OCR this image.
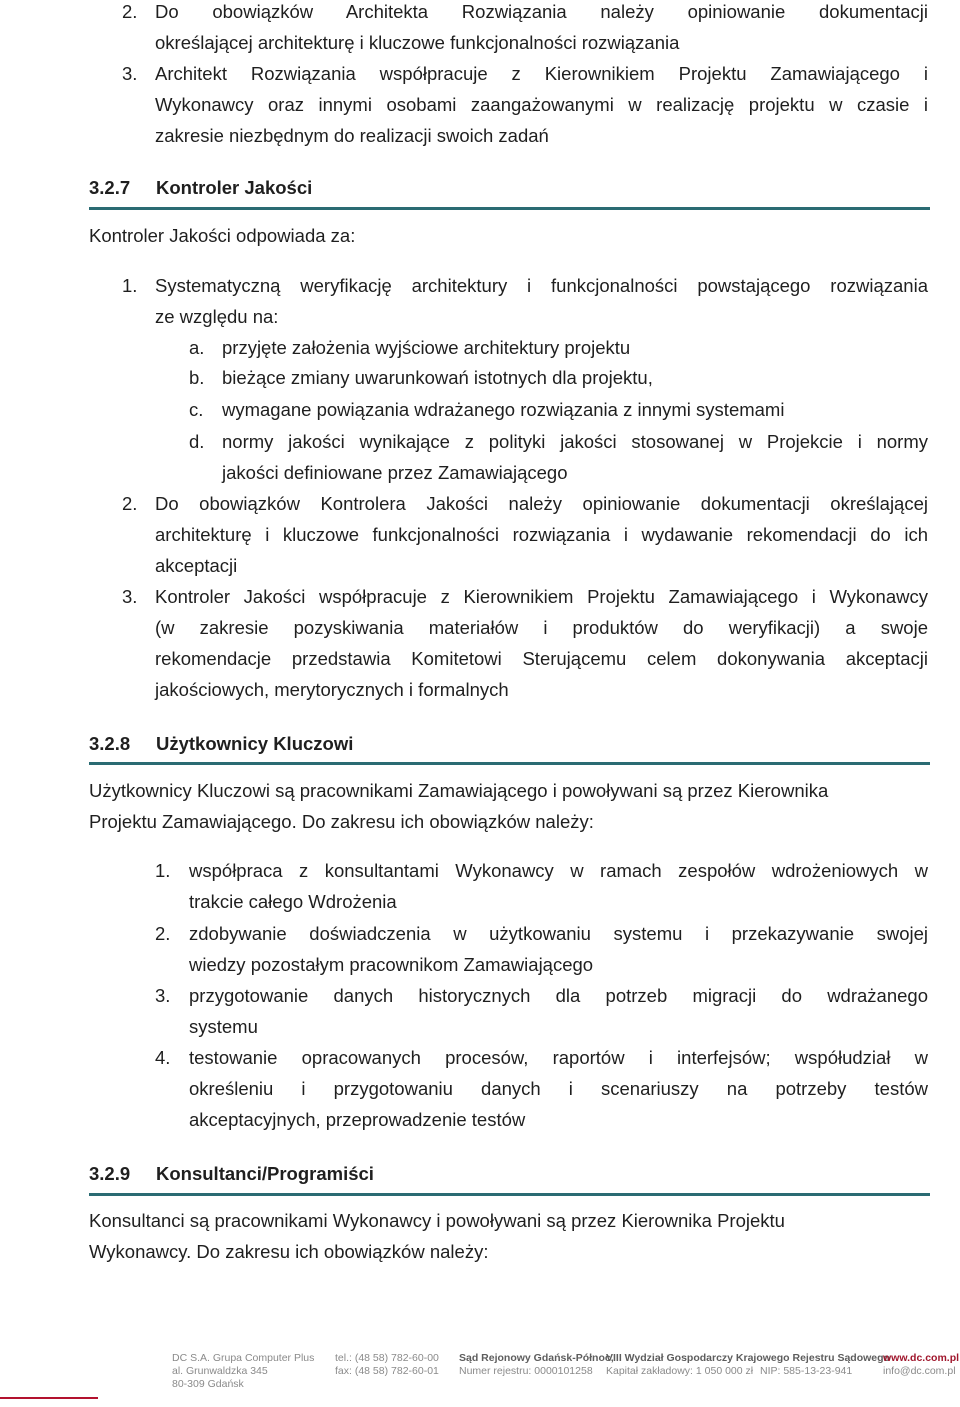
2. Do obowiązków Architekta Rozwiązania należy opiniowanie dokumentacji
określającej architekturę i kluczowe funkcjonalności rozwiązania
3. Architekt Rozwiązania współpracuje z Kierownikiem Projektu Zamawiającego i
Wykonawcy oraz innymi osobami zaangażowanymi w realizację projektu w czasie i
zakresie niezbędnym do realizacji swoich zadań
3.2.7 Kontroler Jakości
Kontroler Jakości odpowiada za:
1. Systematyczną weryfikację architektury i funkcjonalności powstającego rozwiązania
ze względu na:
a. przyjęte założenia wyjściowe architektury projektu
b. bieżące zmiany uwarunkowań istotnych dla projektu,
c. wymagane powiązania wdrażanego rozwiązania z innymi systemami
d. normy jakości wynikające z polityki jakości stosowanej w Projekcie i normy
jakości definiowane przez Zamawiającego
2. Do obowiązków Kontrolera Jakości należy opiniowanie dokumentacji określającej
architekturę i kluczowe funkcjonalności rozwiązania i wydawanie rekomendacji do ich
akceptacji
3. Kontroler Jakości współpracuje z Kierownikiem Projektu Zamawiającego i Wykonawcy
(w zakresie pozyskiwania materiałów i produktów do weryfikacji) a swoje
rekomendacje przedstawia Komitetowi Sterującemu celem dokonywania akceptacji
jakościowych, merytorycznych i formalnych
3.2.8 Użytkownicy Kluczowi
Użytkownicy Kluczowi są pracownikami Zamawiającego i powoływani są przez Kierownika
Projektu Zamawiającego. Do zakresu ich obowiązków należy:
1. współpraca z konsultantami Wykonawcy w ramach zespołów wdrożeniowych w
trakcie całego Wdrożenia
2. zdobywanie doświadczenia w użytkowaniu systemu i przekazywanie swojej
wiedzy pozostałym pracownikom Zamawiającego
3. przygotowanie danych historycznych dla potrzeb migracji do wdrażanego
systemu
4. testowanie opracowanych procesów, raportów i interfejsów; współudział w
określeniu i przygotowaniu danych i scenariuszy na potrzeby testów
akceptacyjnych, przeprowadzenie testów
3.2.9 Konsultanci/Programiści
Konsultanci są pracownikami Wykonawcy i powoływani są przez Kierownika Projektu
Wykonawcy. Do zakresu ich obowiązków należy:
DC S.A. Grupa Computer Plus
al. Grunwaldzka 345
80-309 Gdańsk
tel.: (48 58) 782-60-00
fax: (48 58) 782-60-01
Sąd Rejonowy Gdańsk-Północ,
VIII Wydział Gospodarczy Krajowego Rejestru Sądowego
Numer rejestru: 0000101258 Kapitał zakładowy: 1 050 000 zł NIP: 585-13-23-941
www.dc.com.pl
info@dc.com.pl
